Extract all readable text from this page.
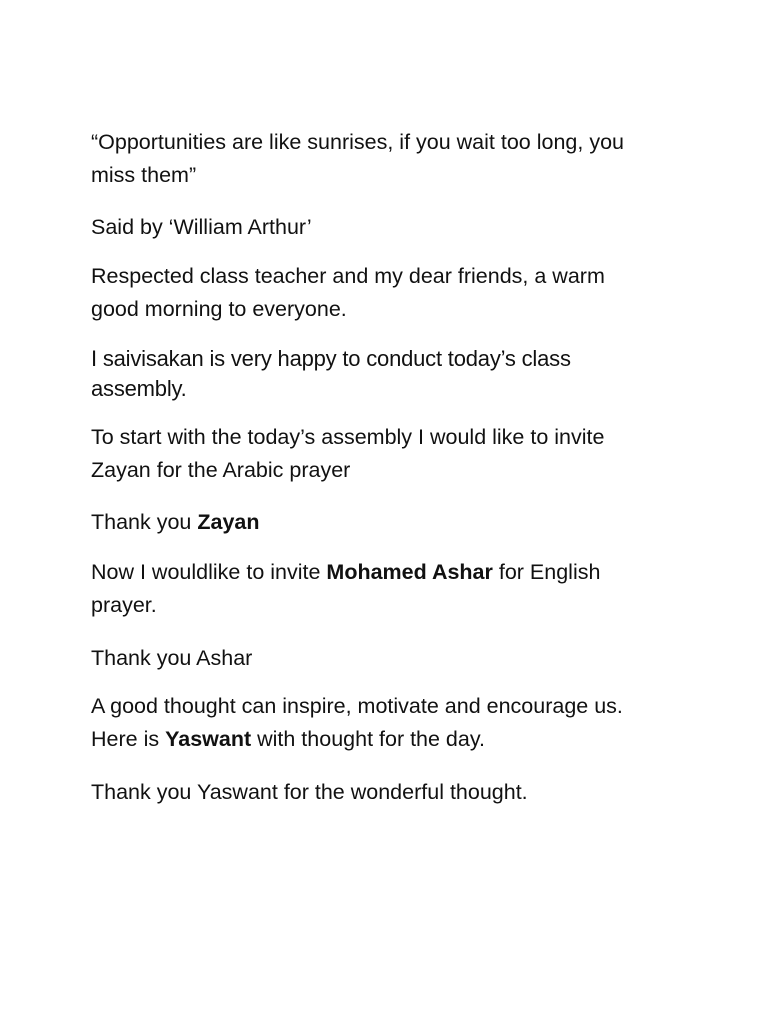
“Opportunities are like sunrises, if you wait too long, you
miss them”

Said by ‘William Arthur’

Respected class teacher and my dear friends, a warm
good morning to everyone.

I saivisakan is very happy to conduct today’s class
assembly.

To start with the today’s assembly I would like to invite
Zayan for the Arabic prayer

Thank you Zayan

Now I wouldlike to invite Mohamed Ashar for English
prayer.

Thank you Ashar

A good thought can inspire, motivate and encourage us.
Here is Yaswant with thought for the day.

Thank you Yaswant for the wonderful thought.
